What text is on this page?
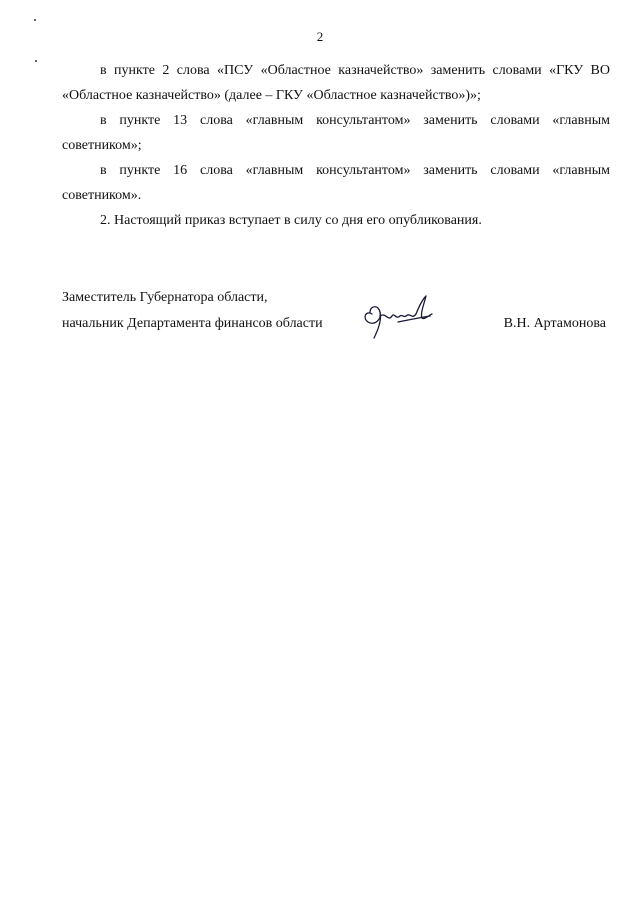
2

в пункте 2 слова «ПСУ «Областное казначейство» заменить словами «ГКУ ВО «Областное казначейство» (далее – ГКУ «Областное казначейство»)»;

в пункте 13 слова «главным консультантом» заменить словами «главным советником»;

в пункте 16 слова «главным консультантом» заменить словами «главным советником».

2. Настоящий приказ вступает в силу со дня его опубликования.

Заместитель Губернатора области,
начальник Департамента финансов области	В.Н. Артамонова
